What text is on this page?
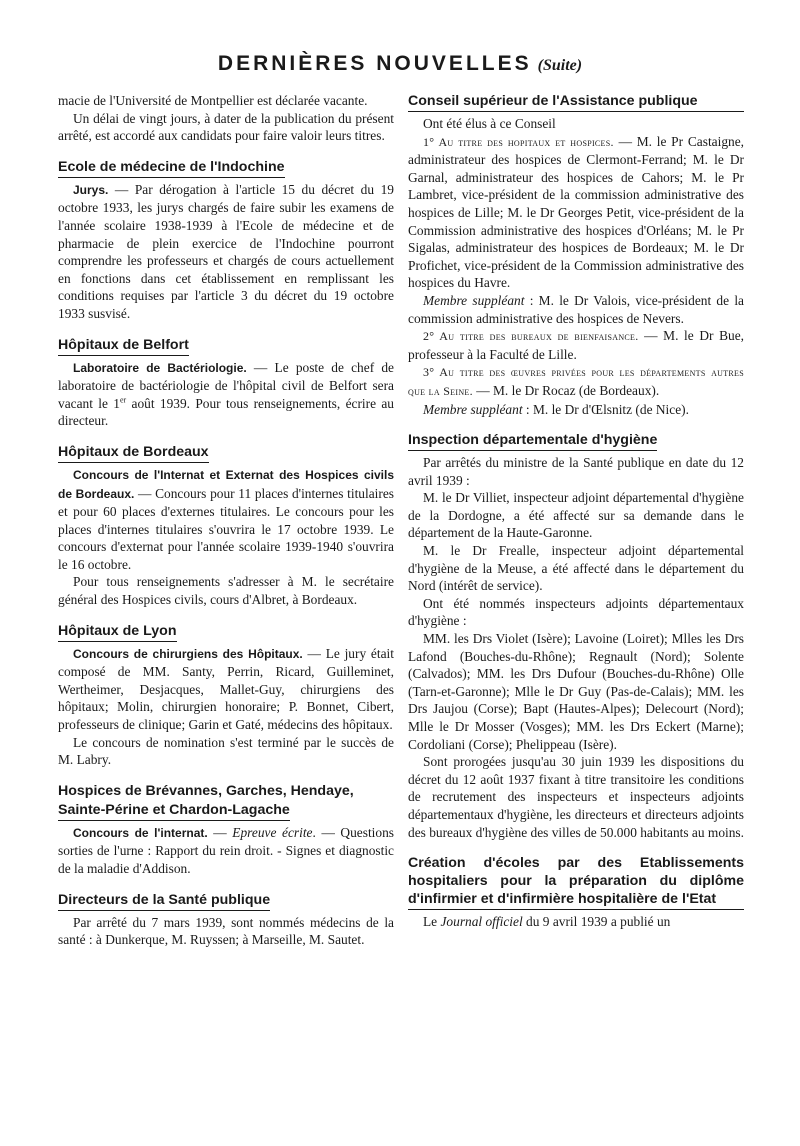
DERNIÈRES NOUVELLES (Suite)

macie de l'Université de Montpellier est déclarée vacante.

Un délai de vingt jours, à dater de la publication du présent arrêté, est accordé aux candidats pour faire valoir leurs titres.

Ecole de médecine de l'Indochine

Jurys. — Par dérogation à l'article 15 du décret du 19 octobre 1933, les jurys chargés de faire subir les examens de l'année scolaire 1938-1939 à l'Ecole de médecine et de pharmacie de plein exercice de l'Indochine pourront comprendre les professeurs et chargés de cours actuellement en fonctions dans cet établissement en remplissant les conditions requises par l'article 3 du décret du 19 octobre 1933 susvisé.

Hôpitaux de Belfort

Laboratoire de Bactériologie. — Le poste de chef de laboratoire de bactériologie de l'hôpital civil de Belfort sera vacant le 1er août 1939. Pour tous renseignements, écrire au directeur.

Hôpitaux de Bordeaux

Concours de l'Internat et Externat des Hospices civils de Bordeaux. — Concours pour 11 places d'internes titulaires et pour 60 places d'externes titulaires. Le concours pour les places d'internes titulaires s'ouvrira le 17 octobre 1939. Le concours d'externat pour l'année scolaire 1939-1940 s'ouvrira le 16 octobre.

Pour tous renseignements s'adresser à M. le secrétaire général des Hospices civils, cours d'Albret, à Bordeaux.

Hôpitaux de Lyon

Concours de chirurgiens des Hôpitaux. — Le jury était composé de MM. Santy, Perrin, Ricard, Guilleminet, Wertheimer, Desjacques, Mallet-Guy, chirurgiens des hôpitaux; Molin, chirurgien honoraire; P. Bonnet, Cibert, professeurs de clinique; Garin et Gaté, médecins des hôpitaux.

Le concours de nomination s'est terminé par le succès de M. Labry.

Hospices de Brévannes, Garches, Hendaye,
Sainte-Périne et Chardon-Lagache

Concours de l'internat. — Epreuve écrite. — Questions sorties de l'urne : Rapport du rein droit. - Signes et diagnostic de la maladie d'Addison.

Directeurs de la Santé publique

Par arrêté du 7 mars 1939, sont nommés médecins de la santé : à Dunkerque, M. Ruyssen; à Marseille, M. Sautet.

Conseil supérieur de l'Assistance publique

Ont été élus à ce Conseil

1° Au titre des hopitaux et hospices. — M. le Pr Castaigne, administrateur des hospices de Clermont-Ferrand; M. le Dr Garnal, administrateur des hospices de Cahors; M. le Pr Lambret, vice-président de la commission administrative des hospices de Lille; M. le Dr Georges Petit, vice-président de la Commission administrative des hospices d'Orléans; M. le Pr Sigalas, administrateur des hospices de Bordeaux; M. le Dr Profichet, vice-président de la Commission administrative des hospices du Havre.

Membre suppléant : M. le Dr Valois, vice-président de la commission administrative des hospices de Nevers.

2° Au titre des bureaux de bienfaisance. — M. le Dr Bue, professeur à la Faculté de Lille.

3° Au titre des œuvres privées pour les départements autres que la Seine. — M. le Dr Rocaz (de Bordeaux).

Membre suppléant : M. le Dr d'Œlsnitz (de Nice).

Inspection départementale d'hygiène

Par arrêtés du ministre de la Santé publique en date du 12 avril 1939 :

M. le Dr Villiet, inspecteur adjoint départemental d'hygiène de la Dordogne, a été affecté sur sa demande dans le département de la Haute-Garonne.

M. le Dr Frealle, inspecteur adjoint départemental d'hygiène de la Meuse, a été affecté dans le département du Nord (intérêt de service).

Ont été nommés inspecteurs adjoints départementaux d'hygiène :

MM. les Drs Violet (Isère); Lavoine (Loiret); Mlles les Drs Lafond (Bouches-du-Rhône); Regnault (Nord); Solente (Calvados); MM. les Drs Dufour (Bouches-du-Rhône) Olle (Tarn-et-Garonne); Mlle le Dr Guy (Pas-de-Calais); MM. les Drs Jaujou (Corse); Bapt (Hautes-Alpes); Delecourt (Nord); Mlle le Dr Mosser (Vosges); MM. les Drs Eckert (Marne); Cordoliani (Corse); Phelippeau (Isère).

Sont prorogées jusqu'au 30 juin 1939 les dispositions du décret du 12 août 1937 fixant à titre transitoire les conditions de recrutement des inspecteurs et inspecteurs adjoints départementaux d'hygiène, les directeurs et directeurs adjoints des bureaux d'hygiène des villes de 50.000 habitants au moins.

Création d'écoles par des Etablissements hospitaliers pour la préparation du diplôme d'infirmier et d'infirmière hospitalière de l'Etat

Le Journal officiel du 9 avril 1939 a publié un
